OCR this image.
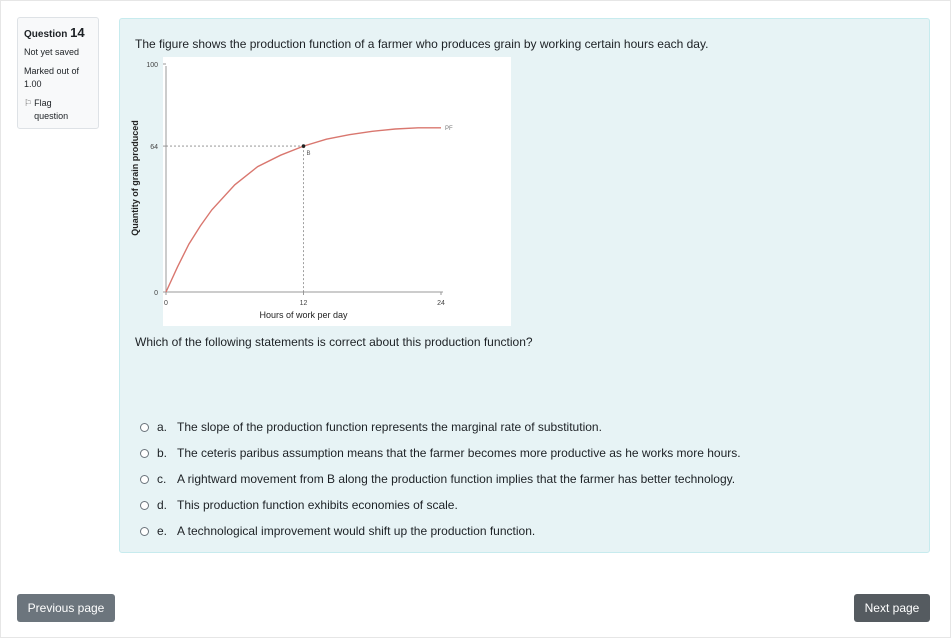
Question 14
Not yet saved
Marked out of
1.00
⚐ Flag
question
The figure shows the production function of a farmer who produces grain by working certain hours each day.
0
64
100
0	12	24
Hours of work per day
Quantity of grain produced	PF
B
Which of the following statements is correct about this production function?
a. The slope of the production function represents the marginal rate of substitution.
b. The ceteris paribus assumption means that the farmer becomes more productive as he works more hours.
c. A rightward movement from B along the production function implies that the farmer has better technology.
d. This production function exhibits economies of scale.
e. A technological improvement would shift up the production function.
Previous page	Next page
